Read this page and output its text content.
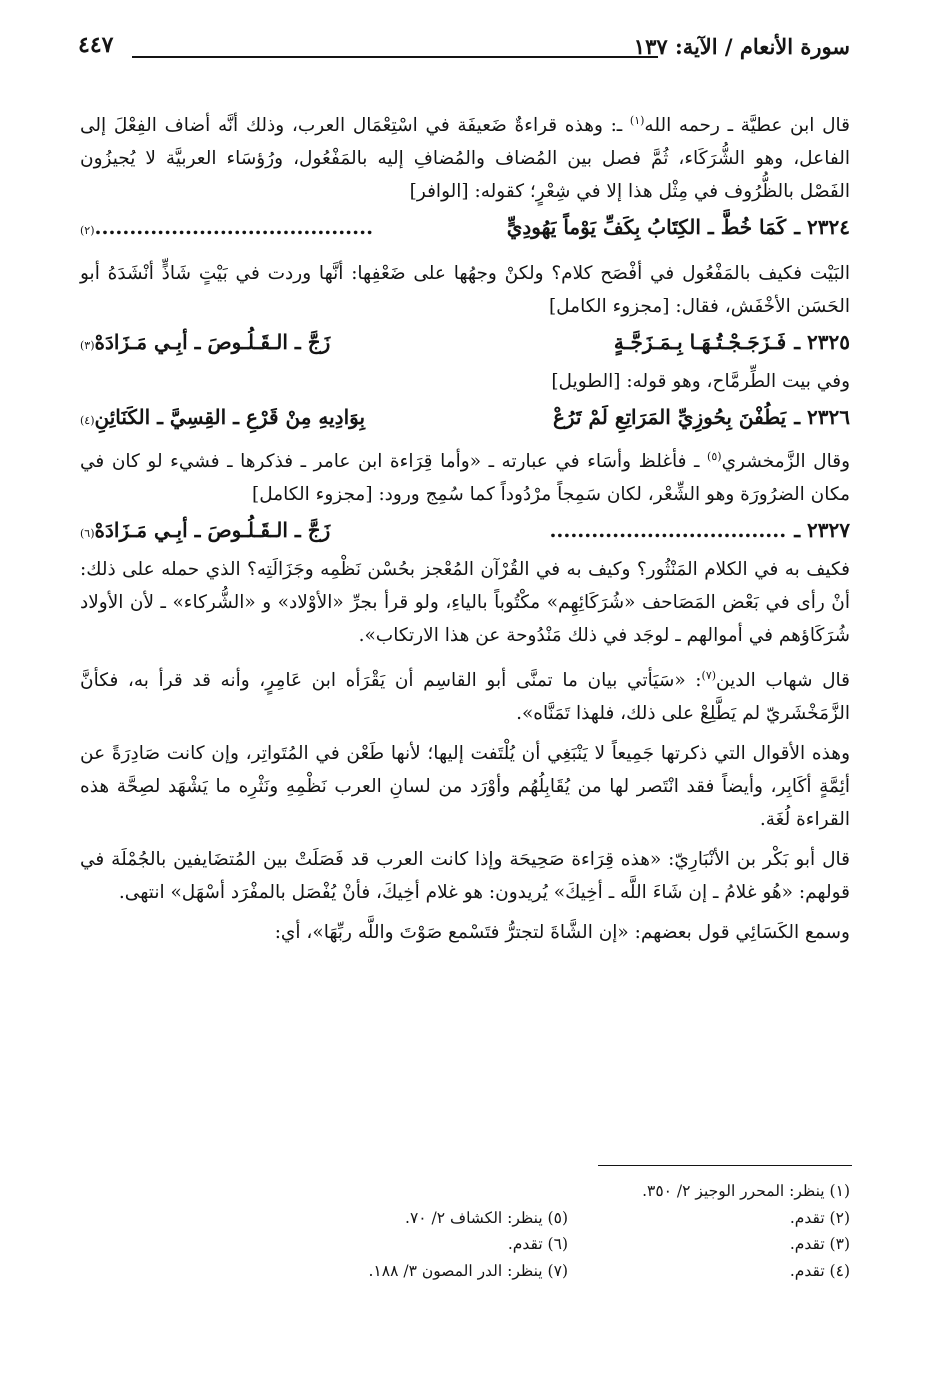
سورة الأنعام / الآية: ١٣٧
٤٤٧

قال ابن عطيَّة ـ رحمه الله$^{(١)}$ ـ: وهذه قراءةٌ ضَعيفَة في اسْتِعْمَال العرب، وذلك أنَّه أضاف الفِعْلَ إلى الفاعل، وهو الشُّرَكَاء، ثُمَّ فصل بين المُضاف والمُضافِ إليه بالمَفْعُول، ورُؤسَاء العربيَّة لا يُجيزُون الفَصْل بالظُّرُوف في مِثْل هذا إلا في شِعْرٍ؛ كقوله: [الوافر]

٢٣٢٤ ـ
كَمَا خُطَّ ـ الكِتَابُ بِكَفِّ يَوْماً يَهُودِيٍّ
........................................
(٢)

البَيْت فكيف بالمَفْعُول في أفْصَح كلام؟ ولكنْ وجهُها على ضَعْفِها: أنَّها وردت في بَيْتٍ شَاذٍّ أنْشَدَهُ أبو الحَسَن الأخْفَش، فقال: [مجزوء الكامل]

٢٣٢٥ ـ
فَـزَجَـجْـتُـهَـا بِـمَـزَجَّـةٍ
زَجَّ ـ الـقَـلُـوصَ ـ أبِـي مَـزَادَهْ
(٣)

وفي بيت الطِّرمَّاح، وهو قوله: [الطويل]

٢٣٢٦ ـ
يَطُفْنَ بِحُوزِيِّ المَرَاتِعِ لَمْ تَرُعْ
بِوَادِيهِ مِنْ قَرْعِ ـ القِسِيَّ ـ الكَنَائِنِ
(٤)

وقال الزَّمخشري$^{(٥)}$ ـ فأغلظ وأسَاء في عبارته ـ «وأما قِرَاءة ابن عامر ـ فذكرها ـ فشيء لو كان في مكان الضرُورَة وهو الشِّعْر، لكان سَمِجاً مرْدُوداً كما سُمِج ورود: [مجزوء الكامل]

٢٣٢٧ ـ
..................................
زَجَّ ـ الـقَـلُـوصَ ـ أبِـي مَـزَادَهْ
(٦)

فكيف به في الكلام المَنْثُور؟ وكيف به في القُرْآن المُعْجز بحُسْن نَظْمِه وجَزَالَتِه؟ الذي حمله على ذلك: أنْ رأى في بَعْض المَصَاحف «شُرَكَائِهِم» مكْتُوباً بالياءِ، ولو قرأ بجرِّ «الأوْلاد» و «الشُّركاء» ـ لأن الأولاد شُرَكَاؤهم في أموالهم ـ لوجَد في ذلك مَنْدُوحة عن هذا الارتكاب».

قال شهاب الدين$^{(٧)}$: «سَيَأتي بيان ما تمنَّى أبو القاسِم أن يَقْرَأه ابن عَامِرٍ، وأنه قد قرأ به، فكأنَّ الزَّمَخْشَريّ لم يَطَّلِعْ على ذلك، فلهذا تَمَنَّاه».

وهذه الأقوال التي ذكرتها جَمِيعاً لا يَنْبَغِي أن يُلْتَفت إليها؛ لأنها طَعْن في المُتَواتِر، وإن كانت صَادِرَةً عن أئِمَّةٍ أكَابِر، وأيضاً فقد انْتَصر لها من يُقَابِلُهُم وأوْرَد من لسانِ العرب نَظْمِهِ ونَثْرِه ما يَشْهَد لصِحَّة هذه القراءة لُغَة.

قال أبو بَكْر بن الأنْبَارِيّ: «هذه قِرَاءة صَحِيحَة وإذا كانت العرب قد فَصَلَتْ بين المُتضَايفين بالجُمْلَة في قولهم: «هُو غلامُ ـ إن شَاءَ اللَّه ـ أخِيكَ» يُريدون: هو غلام أخِيكَ، فأنْ يُفْصَل بالمفْرَد أسْهَل» انتهى.

وسمع الكَسَائِي قول بعضهم: «إن الشَّاةَ لتجترُّ فتَسْمع صَوْتَ واللَّه ربِّهَا»، أي:

(١) ينظر: المحرر الوجيز ٢/ ٣٥٠.
(٢) تقدم.
(٥) ينظر: الكشاف ٢/ ٧٠.
(٣) تقدم.
(٦) تقدم.
(٤) تقدم.
(٧) ينظر: الدر المصون ٣/ ١٨٨.
